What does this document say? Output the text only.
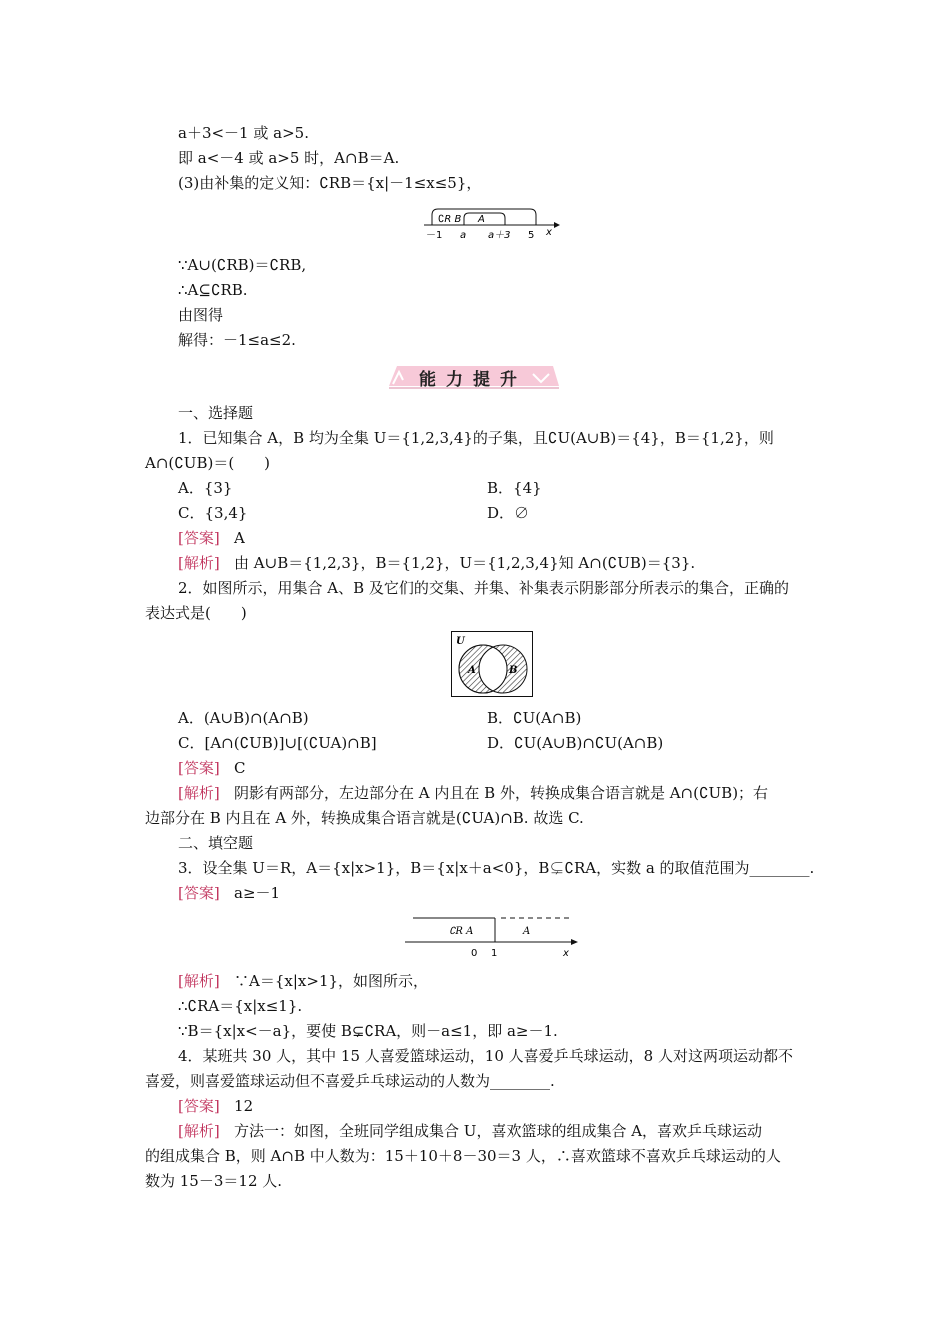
a＋3<－1 或 a>5.
即 a<－4 或 a>5 时，A∩B＝A.
(3)由补集的定义知：∁RB＝{x|－1≤x≤5}，
∁R B A
－1 a a＋3 5 x
∵A∪(∁RB)＝∁RB,
∴A⊆∁RB.
由图得
解得：－1≤a≤2.
能力提升
一、选择题
1．已知集合 A，B 均为全集 U＝{1,2,3,4}的子集，且∁U(A∪B)＝{4}，B＝{1,2}，则
A∩(∁UB)＝(　　)
A．{3}	B．{4}
C．{3,4}	D．∅
[答案] A
[解析] 由 A∪B＝{1,2,3}，B＝{1,2}，U＝{1,2,3,4}知 A∩(∁UB)＝{3}.
2．如图所示，用集合 A、B 及它们的交集、并集、补集表示阴影部分所表示的集合，正确的
表达式是(　　)
U
A	B
A．(A∪B)∩(A∩B)	B．∁U(A∩B)
C．[A∩(∁UB)]∪[(∁UA)∩B]	D．∁U(A∪B)∩∁U(A∩B)
[答案] C
[解析] 阴影有两部分，左边部分在 A 内且在 B 外，转换成集合语言就是 A∩(∁UB)；右
边部分在 B 内且在 A 外，转换成集合语言就是(∁UA)∩B. 故选 C.
二、填空题
3．设全集 U＝R，A＝{x|x>1}，B＝{x|x＋a<0}，B⊊∁RA，实数 a 的取值范围为________.
[答案] a≥－1
∁R A	A
0 1	x
[解析] ∵A＝{x|x>1}，如图所示，
∴∁RA＝{x|x≤1}.
∵B＝{x|x<－a}，要使 B⊊∁RA，则－a≤1，即 a≥－1.
4．某班共 30 人，其中 15 人喜爱篮球运动，10 人喜爱乒乓球运动，8 人对这两项运动都不
喜爱，则喜爱篮球运动但不喜爱乒乓球运动的人数为________.
[答案] 12
[解析] 方法一：如图，全班同学组成集合 U，喜欢篮球的组成集合 A，喜欢乒乓球运动
的组成集合 B，则 A∩B 中人数为：15＋10＋8－30＝3 人，∴喜欢篮球不喜欢乒乓球运动的人
数为 15－3＝12 人.
